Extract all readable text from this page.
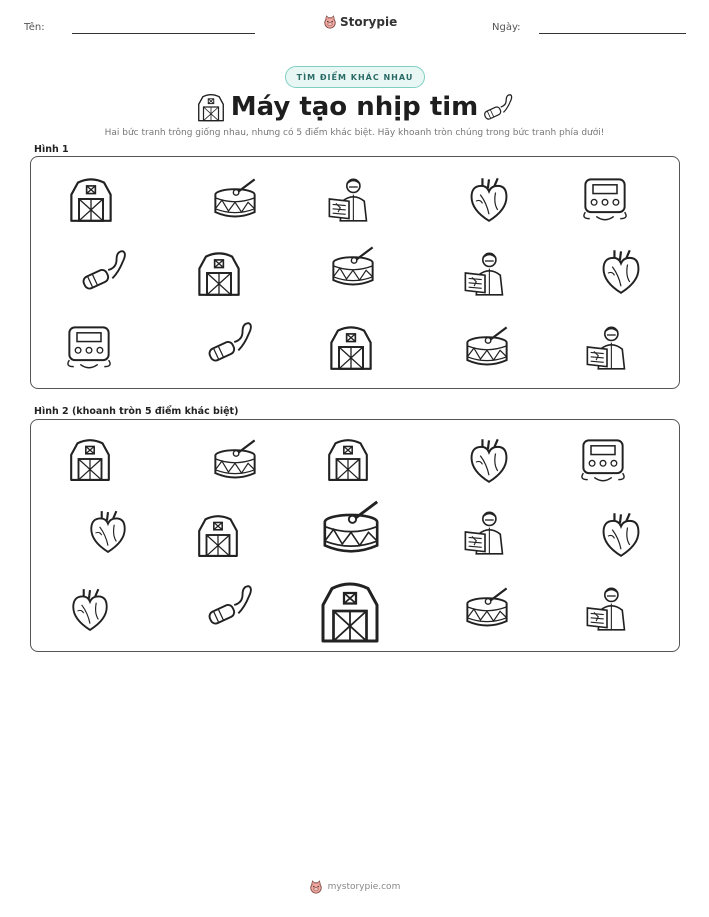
Tên:	Storypie	Ngày:
TÌM ĐIỂM KHÁC NHAU
Máy tạo nhịp tim
Hai bức tranh trông giống nhau, nhưng có 5 điểm khác biệt. Hãy khoanh tròn chúng trong bức tranh phía dưới!
Hình 1
Hình 2 (khoanh tròn 5 điểm khác biệt)
mystorypie.com
